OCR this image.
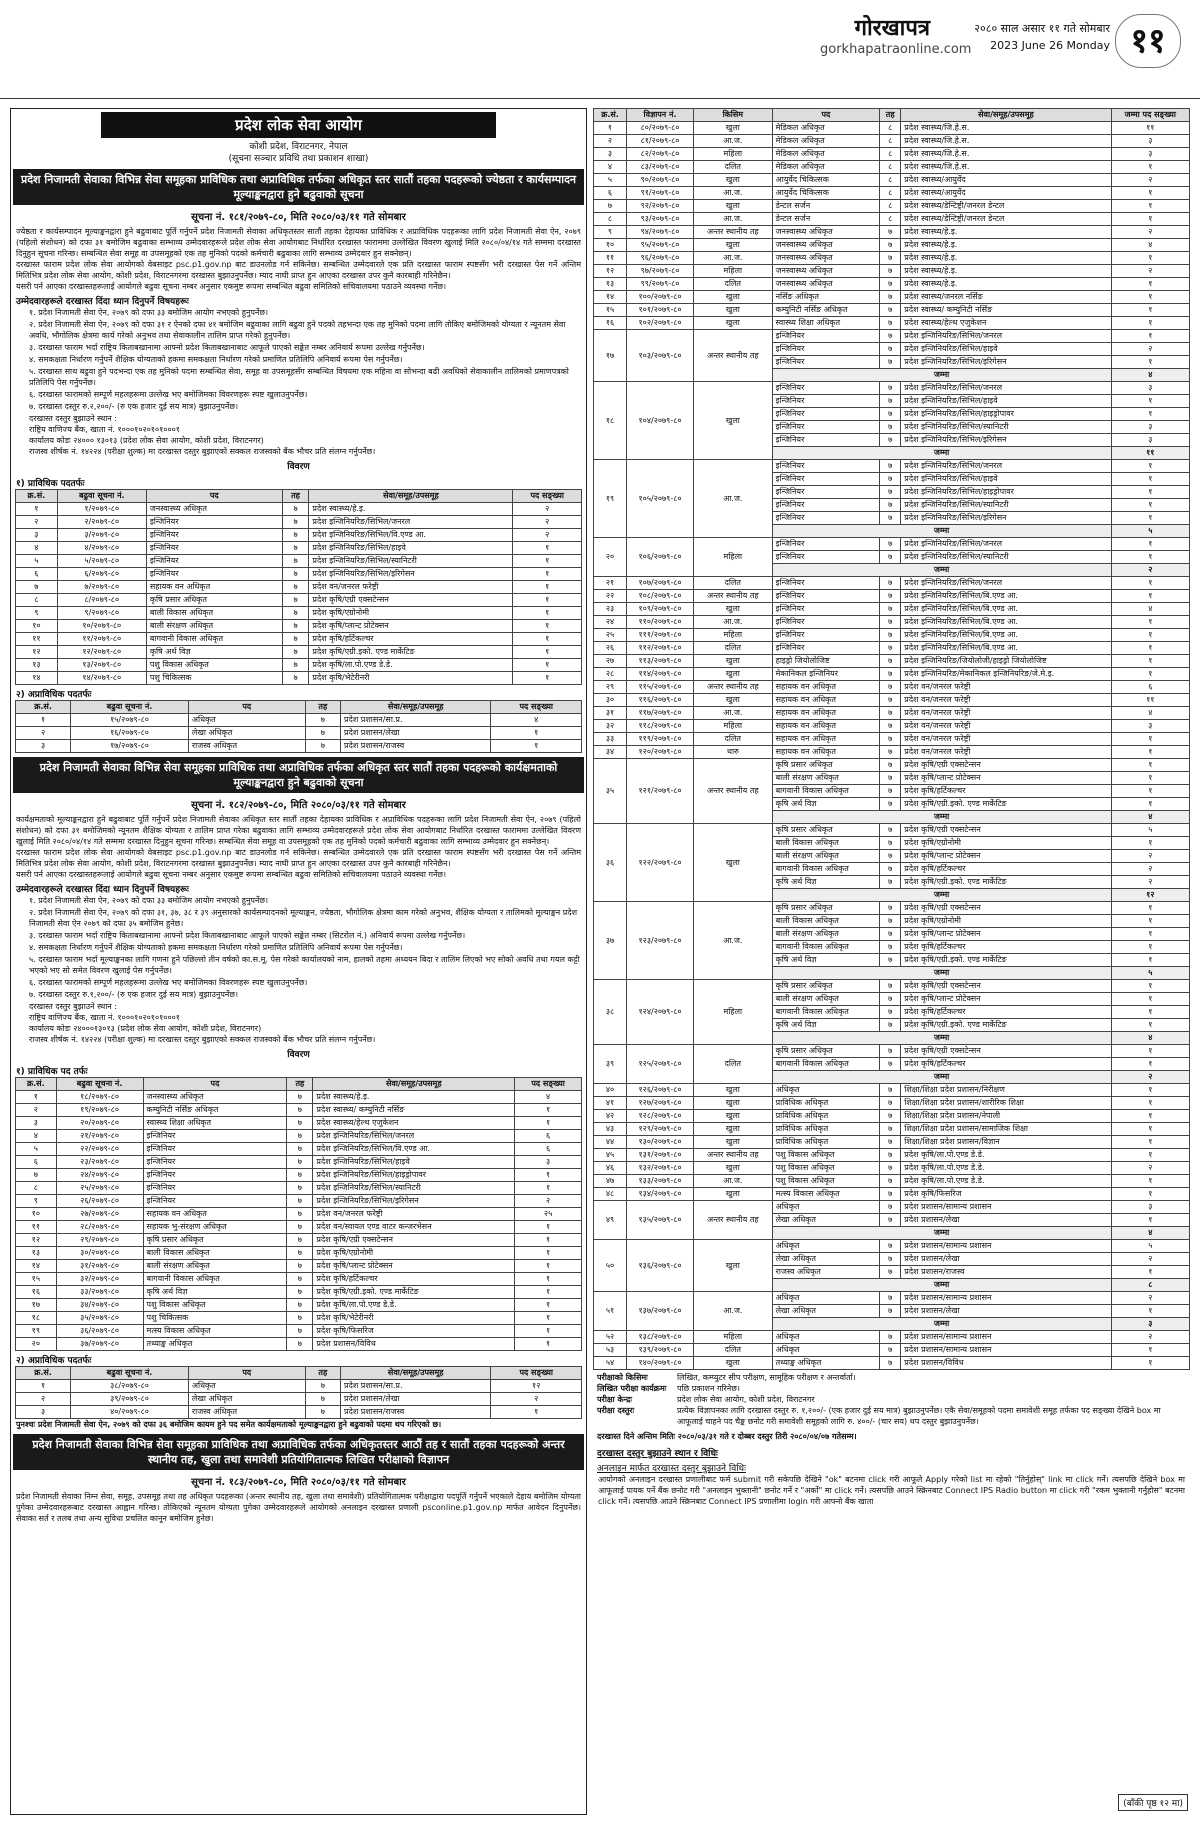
गोरखापत्र
gorkhapatraonline.com
२०८० साल असार ११ गते सोमबार
2023 June 26 Monday ११
प्रदेश लोक सेवा आयोग
कोशी प्रदेश, विराटनगर, नेपाल
(सूचना सञ्चार प्रविधि तथा प्रकाशन शाखा)
प्रदेश निजामती सेवाका विभिन्न सेवा समूहका प्राविधिक तथा अप्राविधिक तर्फका अधिकृत स्तर सातौं तहका पदहरूको ज्येष्ठता र कार्यसम्पादन मूल्याङ्कनद्वारा हुने बढुवाको सूचना
सूचना नं. १८१/२०७९-८०, मिति २०८०/०३/११ गते सोमबार
ज्येष्ठता र कार्यसम्पादन मूल्याङ्कनद्वारा हुने बढुवाबाट पूर्ति गर्नुपर्ने प्रदेश निजामती सेवाका अधिकृतस्तर सातौं तहका देहायका प्राविधिक र अप्राविधिक पदहरूका लागि प्रदेश निजामती सेवा ऐन, २०७९ (पहिलो संशोधन) को दफा ३१ बमोजिम बढुवाका सम्भाव्य उम्मेदवारहरूले प्रदेश लोक सेवा आयोगबाट निर्धारित दरखास्त फाराममा उल्लेखित विवरण खुलाई मिति २०८०/०४/१४ गते सम्ममा दरखास्त दिनुहुन सूचना गरिन्छ। सम्बन्धित सेवा समूह वा उपसमूहको एक तह मुनिको पदको कर्मचारी बढुवाका लागि सम्भाव्य उम्मेदवार हुन सक्नेछन्।
दरखास्त फाराम प्रदेश लोक सेवा आयोगको वेबसाइट psc.p1.gov.np बाट डाउनलोड गर्न सकिनेछ। सम्बन्धित उम्मेदवारले एक प्रति दरखास्त फाराम स्पष्टसँग भरी दरखास्त पेस गर्ने अन्तिम मितिभित्र प्रदेश लोक सेवा आयोग, कोशी प्रदेश, विराटनगरमा दरखास्त बुझाउनुपर्नेछ। म्याद नाघी प्राप्त हुन आएका दरखास्त उपर कुनै कारबाही गरिनेछैन।
यसरी पर्न आएका दरखास्तहरूलाई आयोगले बढुवा सूचना नम्बर अनुसार एकमुष्ट रूपमा सम्बन्धित बढुवा समितिको सचिवालयमा पठाउने व्यवस्था गर्नेछ।
उम्मेदवारहरूले दरखास्त दिंदा ध्यान दिनुपर्ने विषयहरूः
१. प्रदेश निजामती सेवा ऐन, २०७९ को दफा ३३ बमोजिम आयोग नभएको हुनुपर्नेछ।
२. प्रदेश निजामती सेवा ऐन, २०७९ को दफा ३१ र ऐनको दफा ४१ बमोजिम बढुवाका लागि बढुवा हुने पदको तहभन्दा एक तह मुनिको पदमा लागि तोकिए बमोजिमको योग्यता र न्यूनतम सेवा अवधि, भौगोलिक क्षेत्रमा कार्य गरेको अनुभव तथा सेवाकालीन तालिम प्राप्त गरेको हुनुपर्नेछ।
३. दरखास्त फाराम भर्दा राष्ट्रिय किताबखानामा आफ्नो प्रदेश किताबखानाबाट आफूले पाएको सङ्केत नम्बर अनिवार्य रूपमा उल्लेख गर्नुपर्नेछ।
४. समकक्षता निर्धारण गर्नुपर्ने शैक्षिक योग्यताको हकमा समकक्षता निर्धारण गरेको प्रमाणित प्रतिलिपि अनिवार्य रूपमा पेस गर्नुपर्नेछ।
५. दरखास्त साथ बढुवा हुने पदभन्दा एक तह मुनिको पदमा सम्बन्धित सेवा, समूह वा उपसमूहसँग सम्बन्धित विषयमा एक महिना वा सोभन्दा बढी अवधिको सेवाकालीन तालिमको प्रमाणपत्रको प्रतिलिपि पेस गर्नुपर्नेछ।
६. दरखास्त फारामको सम्पूर्ण महलहरूमा उल्लेख भए बमोजिमका विवरणहरू स्पष्ट खुलाउनुपर्नेछ।
७. दरखास्त दस्तुर रु.२,२००/- (रु एक हजार दुई सय मात्र) बुझाउनुपर्नेछ।
दरखास्त दस्तुर बुझाउने स्थान :
राष्ट्रिय वाणिज्य बैंक, खाता नं. १०००१०२०१०१०००१
कार्यालय कोडः २४००० १३०१३ (प्रदेश लोक सेवा आयोग, कोशी प्रदेश, विराटनगर)
राजस्व शीर्षक नं. १४२२४ (परीक्षा शुल्क) मा दरखास्त दस्तुर बुझाएको सक्कल राजस्वको बैंक भौचर प्रति संलग्न गर्नुपर्नेछ।
विवरण
१) प्राविधिक पदतर्फः
क्र.सं.	बढुवा सूचना नं.	पद	तह	सेवा/समूह/उपसमूह	पद सङ्ख्या
१	१/२०७९-८०	जनस्वास्थ्य अधिकृत	७	प्रदेश स्वास्थ्य/हे.इ.	२
२	२/२०७९-८०	इन्जिनियर	७	प्रदेश इन्जिनियरिङ/सिभिल/जनरल	२
३	३/२०७९-८०	इन्जिनियर	७	प्रदेश इन्जिनियरिङ/सिभिल/वि.एण्ड आ.	२
४	४/२०७९-८०	इन्जिनियर	७	प्रदेश इन्जिनियरिङ/सिभिल/हाइवे	१
५	५/२०७९-८०	इन्जिनियर	७	प्रदेश इन्जिनियरिङ/सिभिल/स्यानिटरी	१
६	६/२०७९-८०	इन्जिनियर	७	प्रदेश इन्जिनियरिङ/सिभिल/इरिगेसन	१
७	७/२०७९-८०	सहायक वन अधिकृत	७	प्रदेश वन/जनरल फरेष्ट्री	१
८	८/२०७९-८०	कृषि प्रसार अधिकृत	७	प्रदेश कृषि/एग्री एक्सटेन्सन	१
९	९/२०७९-८०	बाली विकास अधिकृत	७	प्रदेश कृषि/एग्रोनोमी	१
१०	१०/२०७९-८०	बाली संरक्षण अधिकृत	७	प्रदेश कृषि/प्लान्ट प्रोटेक्सन	१
११	११/२०७९-८०	बागवानी विकास अधिकृत	७	प्रदेश कृषि/हर्टिकल्चर	१
१२	१२/२०७९-८०	कृषि अर्थ विज्ञ	७	प्रदेश कृषि/एग्री.इको. एण्ड मार्केटिङ	१
१३	१३/२०७९-८०	पशु विकास अधिकृत	७	प्रदेश कृषि/ला.पो.एण्ड डे.डे.	१
१४	१४/२०७९-८०	पशु चिकित्सक	७	प्रदेश कृषि/भेटेरीनरी	१
२) अप्राविधिक पदतर्फः
क्र.सं.	बढुवा सूचना नं.	पद	तह	सेवा/समूह/उपसमूह	पद सङ्ख्या
१	१५/२०७९-८०	अधिकृत	७	प्रदेश प्रशासन/सा.प्र.	४
२	१६/२०७९-८०	लेखा अधिकृत	७	प्रदेश प्रशासन/लेखा	१
३	१७/२०७९-८०	राजस्व अधिकृत	७	प्रदेश प्रशासन/राजस्व	१
प्रदेश निजामती सेवाका विभिन्न सेवा समूहका प्राविधिक तथा अप्राविधिक तर्फका अधिकृत स्तर सातौं तहका पदहरूको कार्यक्षमताको मूल्याङ्कनद्वारा हुने बढुवाको सूचना
सूचना नं. १८२/२०७९-८०, मिति २०८०/०३/११ गते सोमबार
कार्यक्षमताको मूल्याङ्कनद्वारा हुने बढुवाबाट पूर्ति गर्नुपर्ने प्रदेश निजामती सेवाका अधिकृत स्तर सातौं तहका देहायका प्राविधिक र अप्राविधिक पदहरूका लागि प्रदेश निजामती सेवा ऐन, २०७९ (पहिलो संशोधन) को दफा ३१ बमोजिमको न्यूनतम शैक्षिक योग्यता र तालिम प्राप्त गरेका बढुवाका लागि सम्भाव्य उम्मेदवारहरूले प्रदेश लोक सेवा आयोगबाट निर्धारित दरखास्त फाराममा उल्लेखित विवरण खुलाई मिति २०८०/०४/१४ गते सम्ममा दरखास्त दिनुहुन सूचना गरिन्छ। सम्बन्धित सेवा समूह वा उपसमूहको एक तह मुनिको पदको कर्मचारी बढुवाका लागि सम्भाव्य उम्मेदवार हुन सक्नेछन्।
दरखास्त फाराम प्रदेश लोक सेवा आयोगको वेबसाइट psc.p1.gov.np बाट डाउनलोड गर्न सकिनेछ। सम्बन्धित उम्मेदवारले एक प्रति दरखास्त फाराम स्पष्टसँग भरी दरखास्त पेस गर्ने अन्तिम मितिभित्र प्रदेश लोक सेवा आयोग, कोशी प्रदेश, विराटनगरमा दरखास्त बुझाउनुपर्नेछ। म्याद नाघी प्राप्त हुन आएका दरखास्त उपर कुनै कारबाही गरिनेछैन।
यसरी पर्न आएका दरखास्तहरूलाई आयोगले बढुवा सूचना नम्बर अनुसार एकमुष्ट रूपमा सम्बन्धित बढुवा समितिको सचिवालयमा पठाउने व्यवस्था गर्नेछ।
उम्मेदवारहरूले दरखास्त दिंदा ध्यान दिनुपर्ने विषयहरूः
१. प्रदेश निजामती सेवा ऐन, २०७९ को दफा ३३ बमोजिम आयोग नभएको हुनुपर्नेछ।
२. प्रदेश निजामती सेवा ऐन, २०७९ को दफा ३१, ३७, ३८ र ३९ अनुसारको कार्यसम्पादनको मूल्याङ्कन, ज्येष्ठता, भौगोलिक क्षेत्रमा काम गरेको अनुभव, शैक्षिक योग्यता र तालिमको मूल्याङ्कन प्रदेश निजामती सेवा ऐन २०७९ को दफा ३५ बमोजिम हुनेछ।
३. दरखास्त फाराम भर्दा राष्ट्रिय किताबखानामा आफ्नो प्रदेश किताबखानाबाट आफूले पाएको सङ्केत नम्बर (सिटरोल नं.) अनिवार्य रूपमा उल्लेख गर्नुपर्नेछ।
४. समकक्षता निर्धारण गर्नुपर्ने शैक्षिक योग्यताको हकमा समकक्षता निर्धारण गरेको प्रमाणित प्रतिलिपि अनिवार्य रूपमा पेस गर्नुपर्नेछ।
५. दरखास्त फाराम भर्दा मूल्याङ्कनका लागि गणना हुने पछिल्लो तीन वर्षको का.स.मू. पेस गरेको कार्यालयको नाम, हालको तहमा अध्ययन बिदा र तालिम लिएको भए सोको अवधि तथा गयल कट्टी भएको भए सो समेत विवरण खुलाई पेस गर्नुपर्नेछ।
६. दरखास्त फारामको सम्पूर्ण महलहरूमा उल्लेख भए बमोजिमका विवरणहरू स्पष्ट खुलाउनुपर्नेछ।
७. दरखास्त दस्तुर रु.१,२००/- (रु एक हजार दुई सय मात्र) बुझाउनुपर्नेछ।
दरखास्त दस्तुर बुझाउने स्थान :
राष्ट्रिय वाणिज्य बैंक, खाता नं. १०००१०२०१०१०००१
कार्यालय कोडः २४०००१३०१३ (प्रदेश लोक सेवा आयोग, कोशी प्रदेश, विराटनगर)
राजस्व शीर्षक नं. १४२२४ (परीक्षा शुल्क) मा दरखास्त दस्तुर बुझाएको सक्कल राजस्वको बैंक भौचर प्रति संलग्न गर्नुपर्नेछ।
विवरण
१) प्राविधिक पद तर्फः
क्र.सं.	बढुवा सूचना नं.	पद	तह	सेवा/समूह/उपसमूह	पद सङ्ख्या
१	१८/२०७९-८०	जनस्वास्थ्य अधिकृत	७	प्रदेश स्वास्थ्य/हे.इ.	४
२	१९/२०७९-८०	कम्युनिटी नर्सिङ अधिकृत	७	प्रदेश स्वास्थ्य/ कम्युनिटी नर्सिङ	१
३	२०/२०७९-८०	स्वास्थ्य शिक्षा अधिकृत	७	प्रदेश स्वास्थ्य/हेल्थ एजुकेशन	१
४	२१/२०७९-८०	इन्जिनियर	७	प्रदेश इन्जिनियरिङ/सिभिल/जनरल	६
५	२२/२०७९-८०	इन्जिनियर	७	प्रदेश इन्जिनियरिङ/सिभिल/वि.एण्ड आ.	६
६	२३/२०७९-८०	इन्जिनियर	७	प्रदेश इन्जिनियरिङ/सिभिल/हाइवे	३
७	२४/२०७९-८०	इन्जिनियर	७	प्रदेश इन्जिनियरिङ/सिभिल/हाइड्रोपावर	१
८	२५/२०७९-८०	इन्जिनियर	७	प्रदेश इन्जिनियरिङ/सिभिल/स्यानिटरी	१
९	२६/२०७९-८०	इन्जिनियर	७	प्रदेश इन्जिनियरिङ/सिभिल/इरिगेसन	२
१०	२७/२०७९-८०	सहायक वन अधिकृत	७	प्रदेश वन/जनरल फरेष्ट्री	२५
११	२८/२०७९-८०	सहायक भु-संरक्षण अधिकृत	७	प्रदेश वन/स्वायल एण्ड वाटर कन्जरभेसन	१
१२	२९/२०७९-८०	कृषि प्रसार अधिकृत	७	प्रदेश कृषि/एग्री एक्सटेन्सन	१
१३	३०/२०७९-८०	बाली विकास अधिकृत	७	प्रदेश कृषि/एग्रोनोमी	१
१४	३१/२०७९-८०	बाली संरक्षण अधिकृत	७	प्रदेश कृषि/प्लान्ट प्रोटेक्सन	१
१५	३२/२०७९-८०	बागवानी विकास अधिकृत	७	प्रदेश कृषि/हर्टिकल्चर	१
१६	३३/२०७९-८०	कृषि अर्थ विज्ञ	७	प्रदेश कृषि/एग्री.इको. एण्ड मार्केटिङ	१
१७	३४/२०७९-८०	पशु विकास अधिकृत	७	प्रदेश कृषि/ला.पो.एण्ड डे.डे.	१
१८	३५/२०७९-८०	पशु चिकित्सक	७	प्रदेश कृषि/भेटेरीनरी	१
१९	३६/२०७९-८०	मत्स्य विकास अधिकृत	७	प्रदेश कृषि/फिसरिज	१
२०	३७/२०७९-८०	तथ्याङ्क अधिकृत	७	प्रदेश प्रशासन/विविध	१
२) अप्राविधिक पदतर्फः
क्र.सं.	बढुवा सूचना नं.	पद	तह	सेवा/समूह/उपसमूह	पद सङ्ख्या
१	३८/२०७९-८०	अधिकृत	७	प्रदेश प्रशासन/सा.प्र.	१२
२	३९/२०७९-८०	लेखा अधिकृत	७	प्रदेश प्रशासन/लेखा	२
३	४०/२०७९-८०	राजस्व अधिकृत	७	प्रदेश प्रशासन/राजस्व	१
पुनश्चः प्रदेश निजामती सेवा ऐन, २०७९ को दफा ३६ बमोजिम कायम हुने पद समेत कार्यक्षमताको मूल्याङ्कनद्वारा हुने बढुवाको पदमा थप गरिएको छ।
प्रदेश निजामती सेवाका विभिन्न सेवा समूहका प्राविधिक तथा अप्राविधिक तर्फका अधिकृतस्तर आठौं तह र सातौं तहका पदहरूको अन्तर स्थानीय तह, खुला तथा समावेशी प्रतियोगितात्मक लिखित परीक्षाको विज्ञापन
सूचना नं. १८३/२०७९-८०, मिति २०८०/०३/११ गते सोमबार
प्रदेश निजामती सेवाका निम्न सेवा, समूह, उपसमूह तथा तह अधिकृत पदहरूका (अन्तर स्थानीय तह, खुला तथा समावेशी) प्रतियोगितात्मक परीक्षाद्वारा पदपूर्ति गर्नुपर्ने भएकाले देहाय बमोजिम योग्यता पुगेका उम्मेदवारहरूबाट दरखास्त आह्वान गरिन्छ। तोकिएको न्यूनतम योग्यता पुगेका उम्मेदवारहरूले आयोगको अनलाइन दरखास्त प्रणाली psconline.p1.gov.np मार्फत आवेदन दिनुपर्नेछ। सेवाका सर्त र तलब तथा अन्य सुविधा प्रचलित कानून बमोजिम हुनेछ।
क्र.सं.	विज्ञापन नं.	किसिम	पद	तह	सेवा/समूह/उपसमूह	जम्मा पद सङ्ख्या
१	८०/२०७९-८०	खुला	मेडिकल अधिकृत	८	प्रदेश स्वास्थ्य/जि.हे.स.	११
२	८१/२०७९-८०	आ.ज.	मेडिकल अधिकृत	८	प्रदेश स्वास्थ्य/जि.हे.स.	३
३	८२/२०७९-८०	महिला	मेडिकल अधिकृत	८	प्रदेश स्वास्थ्य/जि.हे.स.	३
४	८३/२०७९-८०	दलित	मेडिकल अधिकृत	८	प्रदेश स्वास्थ्य/जि.हे.स.	१
५	९०/२०७९-८०	खुला	आयुर्वेद चिकित्सक	८	प्रदेश स्वास्थ्य/आयुर्वेद	२
६	९१/२०७९-८०	आ.ज.	आयुर्वेद चिकित्सक	८	प्रदेश स्वास्थ्य/आयुर्वेद	१
७	९२/२०७९-८०	खुला	डेन्टल सर्जन	८	प्रदेश स्वास्थ्य/डेन्टिष्ट्री/जनरल डेन्टल	१
८	९३/२०७९-८०	आ.ज.	डेन्टल सर्जन	८	प्रदेश स्वास्थ्य/डेन्टिष्ट्री/जनरल डेन्टल	१
९	९४/२०७९-८०	अन्तर स्थानीय तह	जनस्वास्थ्य अधिकृत	७	प्रदेश स्वास्थ्य/हे.इ.	२
१०	९५/२०७९-८०	खुला	जनस्वास्थ्य अधिकृत	७	प्रदेश स्वास्थ्य/हे.इ.	४
११	९६/२०७९-८०	आ.ज.	जनस्वास्थ्य अधिकृत	७	प्रदेश स्वास्थ्य/हे.इ.	१
१२	९७/२०७९-८०	महिला	जनस्वास्थ्य अधिकृत	७	प्रदेश स्वास्थ्य/हे.इ.	२
१३	९९/२०७९-८०	दलित	जनस्वास्थ्य अधिकृत	७	प्रदेश स्वास्थ्य/हे.इ.	१
१४	१००/२०७९-८०	खुला	नर्सिङ अधिकृत	७	प्रदेश स्वास्थ्य/जनरल नर्सिङ	१
१५	१०१/२०७९-८०	खुला	कम्युनिटी नर्सिङ अधिकृत	७	प्रदेश स्वास्थ्य/ कम्युनिटी नर्सिङ	१
१६	१०२/२०७९-८०	खुला	स्वास्थ्य शिक्षा अधिकृत	७	प्रदेश स्वास्थ्य/हेल्थ एजुकेशन	१
१७	१०३/२०७९-८०	अन्तर स्थानीय तह	इन्जिनियर	७	प्रदेश इन्जिनियरिङ/सिभिल/जनरल	१
			इन्जिनियर	७	प्रदेश इन्जिनियरिङ/सिभिल/हाइवे	२
			इन्जिनियर	७	प्रदेश इन्जिनियरिङ/सिभिल/इरिगेसन	१
			जम्मा			४
१८	१०४/२०७९-८०	खुला	इन्जिनियर	७	प्रदेश इन्जिनियरिङ/सिभिल/जनरल	३
			इन्जिनियर	७	प्रदेश इन्जिनियरिङ/सिभिल/हाइवे	१
			इन्जिनियर	७	प्रदेश इन्जिनियरिङ/सिभिल/हाइड्रोपावर	१
			इन्जिनियर	७	प्रदेश इन्जिनियरिङ/सिभिल/स्यानिटरी	३
			इन्जिनियर	७	प्रदेश इन्जिनियरिङ/सिभिल/इरिगेसन	३
			जम्मा			११
१९	१०५/२०७९-८०	आ.ज.	इन्जिनियर	७	प्रदेश इन्जिनियरिङ/सिभिल/जनरल	१
			इन्जिनियर	७	प्रदेश इन्जिनियरिङ/सिभिल/हाइवे	१
			इन्जिनियर	७	प्रदेश इन्जिनियरिङ/सिभिल/हाइड्रोपावर	१
			इन्जिनियर	७	प्रदेश इन्जिनियरिङ/सिभिल/स्यानिटरी	१
			इन्जिनियर	७	प्रदेश इन्जिनियरिङ/सिभिल/इरिगेसन	१
			जम्मा			५
२०	१०६/२०७९-८०	महिला	इन्जिनियर	७	प्रदेश इन्जिनियरिङ/सिभिल/जनरल	१
			इन्जिनियर	७	प्रदेश इन्जिनियरिङ/सिभिल/स्यानिटरी	१
			जम्मा			२
२१	१०७/२०७९-८०	दलित	इन्जिनियर	७	प्रदेश इन्जिनियरिङ/सिभिल/जनरल	१
२२	१०८/२०७९-८०	अन्तर स्थानीय तह	इन्जिनियर	७	प्रदेश इन्जिनियरिङ/सिभिल/बि.एण्ड आ.	१
२३	१०९/२०७९-८०	खुला	इन्जिनियर	७	प्रदेश इन्जिनियरिङ/सिभिल/बि.एण्ड आ.	४
२४	११०/२०७९-८०	आ.ज.	इन्जिनियर	७	प्रदेश इन्जिनियरिङ/सिभिल/बि.एण्ड आ.	१
२५	१११/२०७९-८०	महिला	इन्जिनियर	७	प्रदेश इन्जिनियरिङ/सिभिल/बि.एण्ड आ.	१
२६	११२/२०७९-८०	दलित	इन्जिनियर	७	प्रदेश इन्जिनियरिङ/सिभिल/बि.एण्ड आ.	१
२७	११३/२०७९-८०	खुला	हाइड्रो जियोलोजिष्ट	७	प्रदेश इन्जिनियरिङ/जियोलोजी/हाइड्रो जियोलोजिष्ट	१
२८	११४/२०७९-८०	खुला	मेकानिकल इन्जिनियर	७	प्रदेश इन्जिनियरिङ/मेकानिकल इन्जिनियरिङ/जे.मे.इ.	१
२९	११५/२०७९-८०	अन्तर स्थानीय तह	सहायक वन अधिकृत	७	प्रदेश वन/जनरल फरेष्ट्री	६
३०	११६/२०७९-८०	खुला	सहायक वन अधिकृत	७	प्रदेश वन/जनरल फरेष्ट्री	११
३१	११७/२०७९-८०	आ.ज.	सहायक वन अधिकृत	७	प्रदेश वन/जनरल फरेष्ट्री	४
३२	११८/२०७९-८०	महिला	सहायक वन अधिकृत	७	प्रदेश वन/जनरल फरेष्ट्री	३
३३	११९/२०७९-८०	दलित	सहायक वन अधिकृत	७	प्रदेश वन/जनरल फरेष्ट्री	१
३४	१२०/२०७९-८०	थारु	सहायक वन अधिकृत	७	प्रदेश वन/जनरल फरेष्ट्री	१
३५	१२१/२०७९-८०	अन्तर स्थानीय तह	कृषि प्रसार अधिकृत	७	प्रदेश कृषि/एग्री एक्सटेन्सन	१
			बाली संरक्षण अधिकृत	७	प्रदेश कृषि/प्लान्ट प्रोटेक्सन	१
			बागवानी विकास अधिकृत	७	प्रदेश कृषि/हर्टिकल्चर	१
			कृषि अर्थ विज्ञ	७	प्रदेश कृषि/एग्री.इको. एण्ड मार्केटिङ	१
			जम्मा			४
३६	१२२/२०७९-८०	खुला	कृषि प्रसार अधिकृत	७	प्रदेश कृषि/एग्री एक्सटेन्सन	५
			बाली विकास अधिकृत	७	प्रदेश कृषि/एग्रोनोमी	१
			बाली संरक्षण अधिकृत	७	प्रदेश कृषि/प्लान्ट प्रोटेक्सन	२
			बागवानी विकास अधिकृत	७	प्रदेश कृषि/हर्टिकल्चर	२
			कृषि अर्थ विज्ञ	७	प्रदेश कृषि/एग्री.इको. एण्ड मार्केटिङ	२
			जम्मा			१२
३७	१२३/२०७९-८०	आ.ज.	कृषि प्रसार अधिकृत	७	प्रदेश कृषि/एग्री एक्सटेन्सन	१
			बाली विकास अधिकृत	७	प्रदेश कृषि/एग्रोनोमी	१
			बाली संरक्षण अधिकृत	७	प्रदेश कृषि/प्लान्ट प्रोटेक्सन	१
			बागवानी विकास अधिकृत	७	प्रदेश कृषि/हर्टिकल्चर	१
			कृषि अर्थ विज्ञ	७	प्रदेश कृषि/एग्री.इको. एण्ड मार्केटिङ	१
			जम्मा			५
३८	१२४/२०७९-८०	महिला	कृषि प्रसार अधिकृत	७	प्रदेश कृषि/एग्री एक्सटेन्सन	१
			बाली संरक्षण अधिकृत	७	प्रदेश कृषि/प्लान्ट प्रोटेक्सन	१
			बागवानी विकास अधिकृत	७	प्रदेश कृषि/हर्टिकल्चर	१
			कृषि अर्थ विज्ञ	७	प्रदेश कृषि/एग्री.इको. एण्ड मार्केटिङ	१
			जम्मा			४
३९	१२५/२०७९-८०	दलित	कृषि प्रसार अधिकृत	७	प्रदेश कृषि/एग्री एक्सटेन्सन	१
			बागवानी विकास अधिकृत	७	प्रदेश कृषि/हर्टिकल्चर	१
			जम्मा			२
४०	१२६/२०७९-८०	खुला	अधिकृत	७	शिक्षा/शिक्षा प्रदेश प्रशासन/निरीक्षण	१
४१	१२७/२०७९-८०	खुला	प्राविधिक अधिकृत	७	शिक्षा/शिक्षा प्रदेश प्रशासन/शारीरिक शिक्षा	१
४२	१२८/२०७९-८०	खुला	प्राविधिक अधिकृत	७	शिक्षा/शिक्षा प्रदेश प्रशासन/नेपाली	१
४३	१२९/२०७९-८०	खुला	प्राविधिक अधिकृत	७	शिक्षा/शिक्षा प्रदेश प्रशासन/सामाजिक शिक्षा	१
४४	१३०/२०७९-८०	खुला	प्राविधिक अधिकृत	७	शिक्षा/शिक्षा प्रदेश प्रशासन/विज्ञान	१
४५	१३१/२०७९-८०	अन्तर स्थानीय तह	पशु विकास अधिकृत	७	प्रदेश कृषि/ला.पो.एण्ड डे.डे.	१
४६	१३२/२०७९-८०	खुला	पशु विकास अधिकृत	७	प्रदेश कृषि/ला.पो.एण्ड डे.डे.	२
४७	१३३/२०७९-८०	आ.ज.	पशु विकास अधिकृत	७	प्रदेश कृषि/ला.पो.एण्ड डे.डे.	१
४८	१३४/२०७९-८०	खुला	मत्स्य विकास अधिकृत	७	प्रदेश कृषि/फिसरिज	१
४९	१३५/२०७९-८०	अन्तर स्थानीय तह	अधिकृत	७	प्रदेश प्रशासन/सामान्य प्रशासन	३
			लेखा अधिकृत	७	प्रदेश प्रशासन/लेखा	१
			जम्मा			४
५०	१३६/२०७९-८०	खुला	अधिकृत	७	प्रदेश प्रशासन/सामान्य प्रशासन	५
			लेखा अधिकृत	७	प्रदेश प्रशासन/लेखा	२
			राजस्व अधिकृत	७	प्रदेश प्रशासन/राजस्व	१
			जम्मा			८
५१	१३७/२०७९-८०	आ.ज.	अधिकृत	७	प्रदेश प्रशासन/सामान्य प्रशासन	२
			लेखा अधिकृत	७	प्रदेश प्रशासन/लेखा	१
			जम्मा			३
५२	१३८/२०७९-८०	महिला	अधिकृत	७	प्रदेश प्रशासन/सामान्य प्रशासन	२
५३	१३९/२०७९-८०	दलित	अधिकृत	७	प्रदेश प्रशासन/सामान्य प्रशासन	१
५४	१४०/२०७९-८०	खुला	तथ्याङ्क अधिकृत	७	प्रदेश प्रशासन/विविध	१
परीक्षाको किसिमः	लिखित, कम्प्युटर सीप परीक्षण, सामूहिक परीक्षण र अन्तर्वार्ता।
लिखित परीक्षा कार्यक्रमः पछि प्रकाशन गरिनेछ।
परीक्षा केन्द्रः	प्रदेश लोक सेवा आयोग, कोशी प्रदेश, विराटनगर
परीक्षा दस्तुरः	प्रत्येक विज्ञापनका लागि दरखास्त दस्तुर रु. १,२००/- (एक हजार दुई सय मात्र) बुझाउनुपर्नेछ। एकै सेवा/समूहको पदमा समावेशी समूह तर्फका पद सङ्ख्या देखिने box मा आफूलाई चाहने पद चैङ्क छनोट गरी समावेशी समूहको लागि रु. ४००/- (चार सय) थप दस्तुर बुझाउनुपर्नेछ।
दरखास्त दिने अन्तिम मितिः २०८०/०३/३१ गते र दोब्बर दस्तुर तिरी २०८०/०४/०७ गतेसम्म।
दरखास्त दस्तुर बुझाउने स्थान र विधिः
अनलाइन मार्फत दरखास्त दस्तुर बुझाउने विधिः
आयोगको अनलाइन दरखास्त प्रणालीबाट फर्म submit गरी सकेपछि देखिने "ok" बटनमा click गरी आफूले Apply गरेको list मा रहेको "तिर्नुहोस्" link मा click गर्ने। त्यसपछि देखिने box मा आफूलाई पायक पर्ने बैंक छनोट गरी "अनलाइन भुक्तानी" छनोट गर्ने र "अर्को" मा click गर्ने। त्यसपछि आउने स्क्रिनबाट Connect IPS Radio button मा click गरी "रकम भुक्तानी गर्नुहोस" बटनमा click गर्ने। त्यसपछि आउने स्क्रिनबाट Connect IPS प्रणालीमा login गरी आफ्नो बैंक खाता
(बाँकी पृष्ठ १२ मा)
